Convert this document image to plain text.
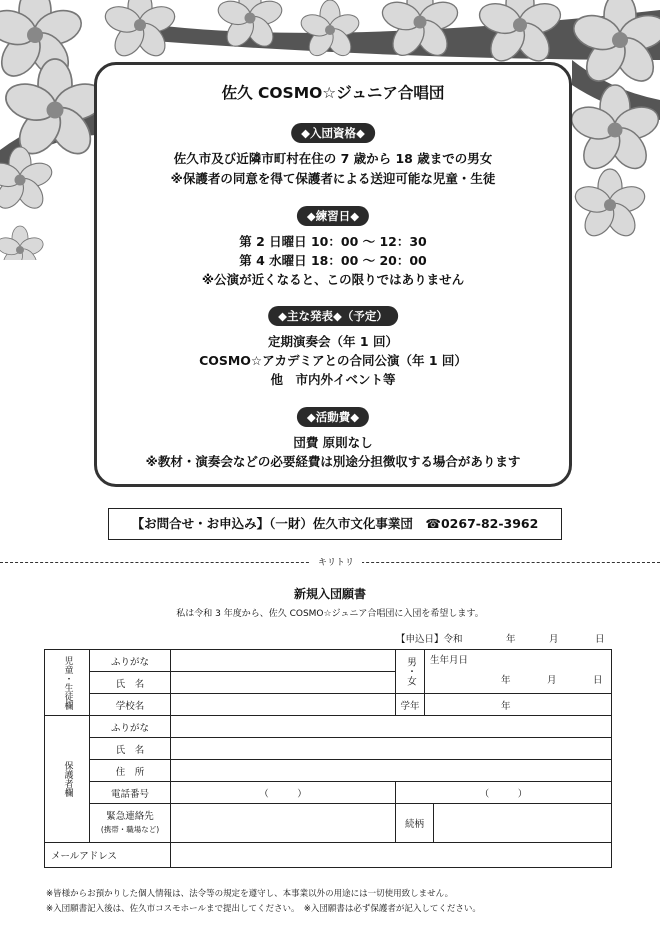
佐久 COSMO☆ジュニア合唱団
◆入団資格◆
佐久市及び近隣市町村在住の 7 歳から 18 歳までの男女
※保護者の同意を得て保護者による送迎可能な児童・生徒
◆練習日◆
第 2 日曜日 10：00 ～ 12：30
第 4 水曜日 18：00 ～ 20：00
※公演が近くなると、この限りではありません
◆主な発表◆（予定）
定期演奏会（年 1 回）
COSMO☆アカデミアとの合同公演（年 1 回）
他　市内外イベント等
◆活動費◆
団費 原則なし
※教材・演奏会などの必要経費は別途分担徴収する場合があります
【お問合せ・お申込み】（一財）佐久市文化事業団　☎0267-82-3962
キリトリ
新規入団願書
私は令和 3 年度から、佐久 COSMO☆ジュニア合唱団に入団を希望します。
【申込日】令和	年	月	日
児童・生徒欄	ふりがな		男・女	生年月日
年 月 日

	氏　名			
	学校名		学年	年
保護者欄	ふりがな			
	氏　名			
	住　所			
	電話番号	（　　　）	（　　　）	

	緊急連絡先
(携帯・職場など)		続柄	

メールアドレス				
※皆様からお預かりした個人情報は、法令等の規定を遵守し、本事業以外の用途には一切使用致しません。
※入団願書記入後は、佐久市コスモホールまで提出してください。　※入団願書は必ず保護者が記入してください。
